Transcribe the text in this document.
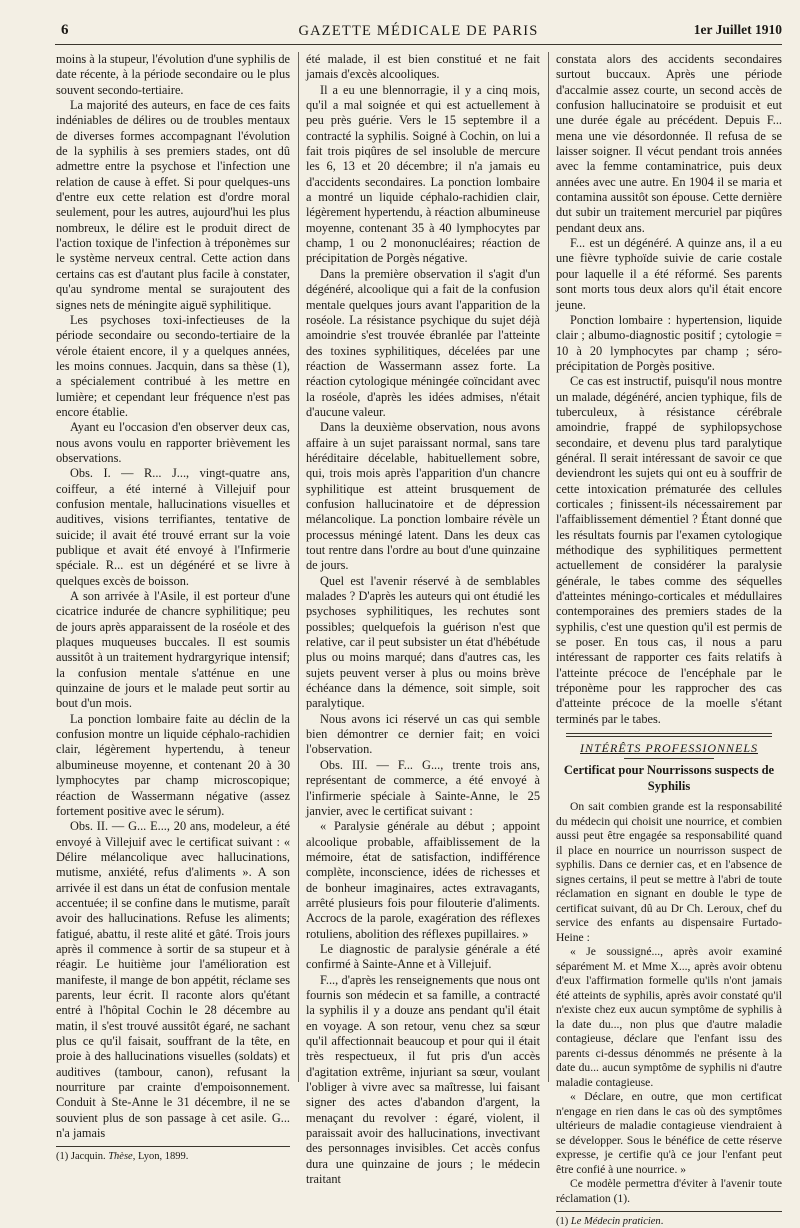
6	GAZETTE MÉDICALE DE PARIS	1er Juillet 1910

moins à la stupeur, l'évolution d'une syphilis de date récente, à la période secondaire ou le plus souvent secondo-tertiaire.

La majorité des auteurs, en face de ces faits indéniables de délires ou de troubles mentaux de diverses formes accompagnant l'évolution de la syphilis à ses premiers stades, ont dû admettre entre la psychose et l'infection une relation de cause à effet. Si pour quelques-uns d'entre eux cette relation est d'ordre moral seulement, pour les autres, aujourd'hui les plus nombreux, le délire est le produit direct de l'action toxique de l'infection à tréponèmes sur le système nerveux central. Cette action dans certains cas est d'autant plus facile à constater, qu'au syndrome mental se surajoutent des signes nets de méningite aiguë syphilitique.

Les psychoses toxi-infectieuses de la période secondaire ou secondo-tertiaire de la vérole étaient encore, il y a quelques années, les moins connues. Jacquin, dans sa thèse (1), a spécialement contribué à les mettre en lumière; et cependant leur fréquence n'est pas encore établie.

Ayant eu l'occasion d'en observer deux cas, nous avons voulu en rapporter brièvement les observations.

Obs. I. — R... J..., vingt-quatre ans, coiffeur, a été interné à Villejuif pour confusion mentale, hallucinations visuelles et auditives, visions terrifiantes, tentative de suicide; il avait été trouvé errant sur la voie publique et avait été envoyé à l'Infirmerie spéciale. R... est un dégénéré et se livre à quelques excès de boisson.

A son arrivée à l'Asile, il est porteur d'une cicatrice indurée de chancre syphilitique; peu de jours après apparaissent de la roséole et des plaques muqueuses buccales. Il est soumis aussitôt à un traitement hydrargyrique intensif; la confusion mentale s'atténue en une quinzaine de jours et le malade peut sortir au bout d'un mois.

La ponction lombaire faite au déclin de la confusion montre un liquide céphalo-rachidien clair, légèrement hypertendu, à teneur albumineuse moyenne, et contenant 20 à 30 lymphocytes par champ microscopique; réaction de Wassermann négative (assez fortement positive avec le sérum).

Obs. II. — G... E..., 20 ans, modeleur, a été envoyé à Villejuif avec le certificat suivant : « Délire mélancolique avec hallucinations, mutisme, anxiété, refus d'aliments ». A son arrivée il est dans un état de confusion mentale accentuée; il se confine dans le mutisme, paraît avoir des hallucinations. Refuse les aliments; fatigué, abattu, il reste alité et gâté. Trois jours après il commence à sortir de sa stupeur et à réagir. Le huitième jour l'amélioration est manifeste, il mange de bon appétit, réclame ses parents, leur écrit. Il raconte alors qu'étant entré à l'hôpital Cochin le 28 décembre au matin, il s'est trouvé aussitôt égaré, ne sachant plus ce qu'il faisait, souffrant de la tête, en proie à des hallucinations visuelles (soldats) et auditives (tambour, canon), refusant la nourriture par crainte d'empoisonnement. Conduit à Ste-Anne le 31 décembre, il ne se souvient plus de son passage à cet asile. G... n'a jamais

(1) Jacquin. Thèse, Lyon, 1899.

été malade, il est bien constitué et ne fait jamais d'excès alcooliques.

Il a eu une blennorragie, il y a cinq mois, qu'il a mal soignée et qui est actuellement à peu près guérie. Vers le 15 septembre il a contracté la syphilis. Soigné à Cochin, on lui a fait trois piqûres de sel insoluble de mercure les 6, 13 et 20 décembre; il n'a jamais eu d'accidents secondaires. La ponction lombaire a montré un liquide céphalo-rachidien clair, légèrement hypertendu, à réaction albumineuse moyenne, contenant 35 à 40 lymphocytes par champ, 1 ou 2 mononucléaires; réaction de précipitation de Porgès négative.

Dans la première observation il s'agit d'un dégénéré, alcoolique qui a fait de la confusion mentale quelques jours avant l'apparition de la roséole. La résistance psychique du sujet déjà amoindrie s'est trouvée ébranlée par l'atteinte des toxines syphilitiques, décelées par une réaction de Wassermann assez forte. La réaction cytologique méningée coïncidant avec la roséole, d'après les idées admises, n'était d'aucune valeur.

Dans la deuxième observation, nous avons affaire à un sujet paraissant normal, sans tare héréditaire décelable, habituellement sobre, qui, trois mois après l'apparition d'un chancre syphilitique est atteint brusquement de confusion hallucinatoire et de dépression mélancolique. La ponction lombaire révèle un processus méningé latent. Dans les deux cas tout rentre dans l'ordre au bout d'une quinzaine de jours.

Quel est l'avenir réservé à de semblables malades ? D'après les auteurs qui ont étudié les psychoses syphilitiques, les rechutes sont possibles; quelquefois la guérison n'est que relative, car il peut subsister un état d'hébétude plus ou moins marqué; dans d'autres cas, les sujets peuvent verser à plus ou moins brève échéance dans la démence, soit simple, soit paralytique.

Nous avons ici réservé un cas qui semble bien démontrer ce dernier fait; en voici l'observation.

Obs. III. — F... G..., trente trois ans, représentant de commerce, a été envoyé à l'infirmerie spéciale à Sainte-Anne, le 25 janvier, avec le certificat suivant :

« Paralysie générale au début ; appoint alcoolique probable, affaiblissement de la mémoire, état de satisfaction, indifférence complète, inconscience, idées de richesses et de bonheur imaginaires, actes extravagants, arrêté plusieurs fois pour filouterie d'aliments. Accrocs de la parole, exagération des réflexes rotuliens, abolition des réflexes pupillaires. »

Le diagnostic de paralysie générale a été confirmé à Sainte-Anne et à Villejuif.

F..., d'après les renseignements que nous ont fournis son médecin et sa famille, a contracté la syphilis il y a douze ans pendant qu'il était en voyage. A son retour, venu chez sa sœur qu'il affectionnait beaucoup et pour qui il était très respectueux, il fut pris d'un accès d'agitation extrême, injuriant sa sœur, voulant l'obliger à vivre avec sa maîtresse, lui faisant signer des actes d'abandon d'argent, la menaçant du revolver : égaré, violent, il paraissait avoir des hallucinations, invectivant des personnages invisibles. Cet accès confus dura une quinzaine de jours ; le médecin traitant

constata alors des accidents secondaires surtout buccaux. Après une période d'accalmie assez courte, un second accès de confusion hallucinatoire se produisit et eut une durée égale au précédent. Depuis F... mena une vie désordonnée. Il refusa de se laisser soigner. Il vécut pendant trois années avec la femme contaminatrice, puis deux années avec une autre. En 1904 il se maria et contamina aussitôt son épouse. Cette dernière dut subir un traitement mercuriel par piqûres pendant deux ans.

F... est un dégénéré. A quinze ans, il a eu une fièvre typhoïde suivie de carie costale pour laquelle il a été réformé. Ses parents sont morts tous deux alors qu'il était encore jeune.

Ponction lombaire : hypertension, liquide clair ; albumo-diagnostic positif ; cytologie = 10 à 20 lymphocytes par champ ; séro-précipitation de Porgès positive.

Ce cas est instructif, puisqu'il nous montre un malade, dégénéré, ancien typhique, fils de tuberculeux, à résistance cérébrale amoindrie, frappé de syphilopsychose secondaire, et devenu plus tard paralytique général. Il serait intéressant de savoir ce que deviendront les sujets qui ont eu à souffrir de cette intoxication prématurée des cellules corticales ; finissent-ils nécessairement par l'affaiblissement démentiel ? Étant donné que les résultats fournis par l'examen cytologique méthodique des syphilitiques permettent actuellement de considérer la paralysie générale, le tabes comme des séquelles d'atteintes méningo-corticales et médullaires contemporaines des premiers stades de la syphilis, c'est une question qu'il est permis de se poser. En tous cas, il nous a paru intéressant de rapporter ces faits relatifs à l'atteinte précoce de l'encéphale par le tréponème pour les rapprocher des cas d'atteinte précoce de la moelle s'étant terminés par le tabes.

INTÉRÊTS PROFESSIONNELS
Certificat pour Nourrissons suspects de Syphilis

On sait combien grande est la responsabilité du médecin qui choisit une nourrice, et combien aussi peut être engagée sa responsabilité quand il place en nourrice un nourrisson suspect de syphilis. Dans ce dernier cas, et en l'absence de signes certains, il peut se mettre à l'abri de toute réclamation en signant en double le type de certificat suivant, dû au Dr Ch. Leroux, chef du service des enfants au dispensaire Furtado-Heine :

« Je soussigné..., après avoir examiné séparément M. et Mme X..., après avoir obtenu d'eux l'affirmation formelle qu'ils n'ont jamais été atteints de syphilis, après avoir constaté qu'il n'existe chez eux aucun symptôme de syphilis à la date du..., non plus que d'autre maladie contagieuse, déclare que l'enfant issu des parents ci-dessus dénommés ne présente à la date du... aucun symptôme de syphilis ni d'autre maladie contagieuse.

« Déclare, en outre, que mon certificat n'engage en rien dans le cas où des symptômes ultérieurs de maladie contagieuse viendraient à se développer. Sous le bénéfice de cette réserve expresse, je certifie qu'à ce jour l'enfant peut être confié à une nourrice. »

Ce modèle permettra d'éviter à l'avenir toute réclamation (1).

(1) Le Médecin praticien.
